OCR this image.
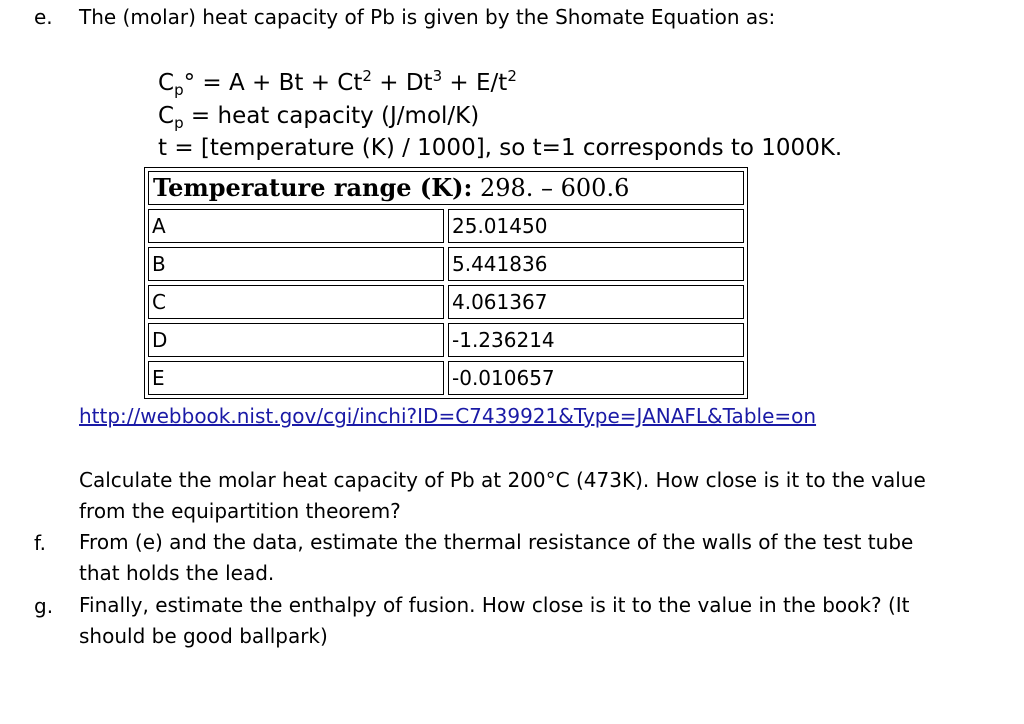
e. The (molar) heat capacity of Pb is given by the Shomate Equation as:
$C_p^\circ = A + Bt + Ct^2 + Dt^3 + E/t^2$
$C_p$ = heat capacity (J/mol/K)
t = [temperature (K) / 1000], so t=1 corresponds to 1000K.
Temperature range (K): 298. – 600.6
A	25.01450
B	5.441836
C	4.061367
D	-1.236214
E	-0.010657
http://webbook.nist.gov/cgi/inchi?ID=C7439921&Type=JANAFL&Table=on
Calculate the molar heat capacity of Pb at 200°C (473K). How close is it to the value from the equipartition theorem?
f. From (e) and the data, estimate the thermal resistance of the walls of the test tube that holds the lead.
g. Finally, estimate the enthalpy of fusion. How close is it to the value in the book? (It should be good ballpark)
